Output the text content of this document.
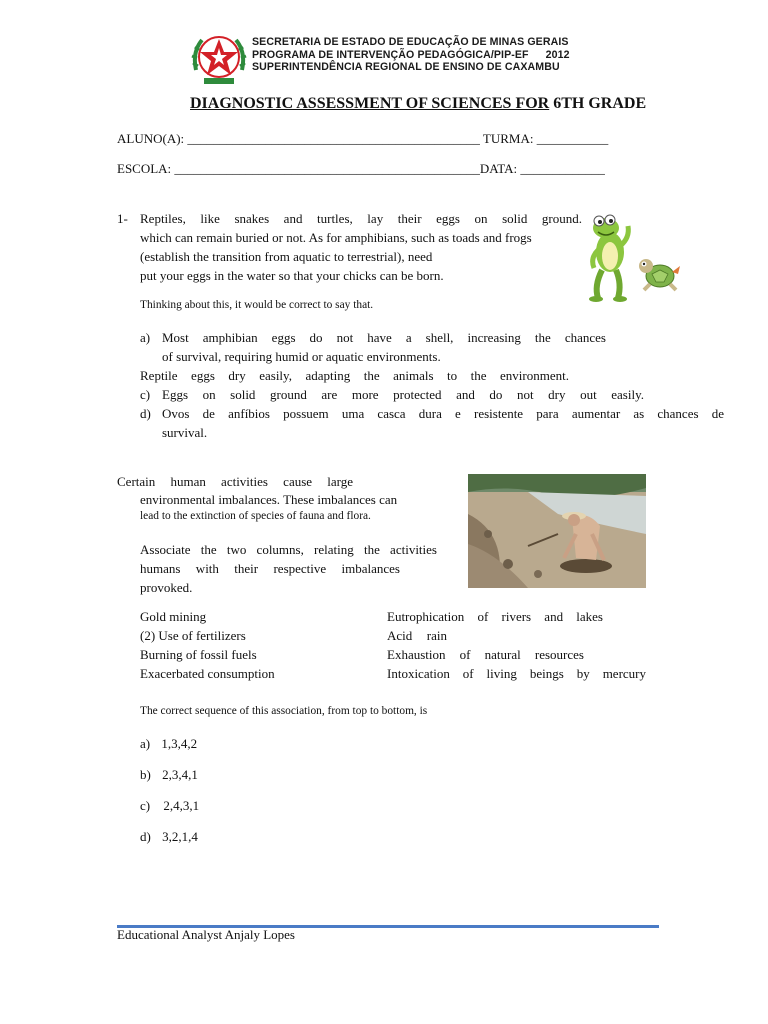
SECRETARIA DE ESTADO DE EDUCAÇÃO DE MINAS GERAIS
PROGRAMA DE INTERVENÇÃO PEDAGÓGICA/PIP-EF 2012
SUPERINTENDÊNCIA REGIONAL DE ENSINO DE CAXAMBU
DIAGNOSTIC ASSESSMENT OF SCIENCES FOR 6TH GRADE
ALUNO(A): _____________________________________________ TURMA: ___________
ESCOLA: _______________________________________________DATA: _____________
1- Reptiles, like snakes and turtles, lay their eggs on solid ground.
which can remain buried or not. As for amphibians, such as toads and frogs
(establish the transition from aquatic to terrestrial), need
put your eggs in the water so that your chicks can be born.
Thinking about this, it would be correct to say that.
a) Most amphibian eggs do not have a shell, increasing the chances
of survival, requiring humid or aquatic environments.
Reptile eggs dry easily, adapting the animals to the environment.
c) Eggs on solid ground are more protected and do not dry out easily.
d) Ovos de anfíbios possuem uma casca dura e resistente para aumentar as chances de
survival.
Certain human activities cause large
environmental imbalances. These imbalances can
lead to the extinction of species of fauna and flora.
Associate the two columns, relating the activities
humans with their respective imbalances
provoked.
Gold mining
(2) Use of fertilizers
Burning of fossil fuels
Exacerbated consumption
Eutrophication of rivers and lakes
Acid rain
Exhaustion of natural resources
Intoxication of living beings by mercury
The correct sequence of this association, from top to bottom, is
a) 1,3,4,2
b) 2,3,4,1
c) 2,4,3,1
d) 3,2,1,4
Educational Analyst Anjaly Lopes
